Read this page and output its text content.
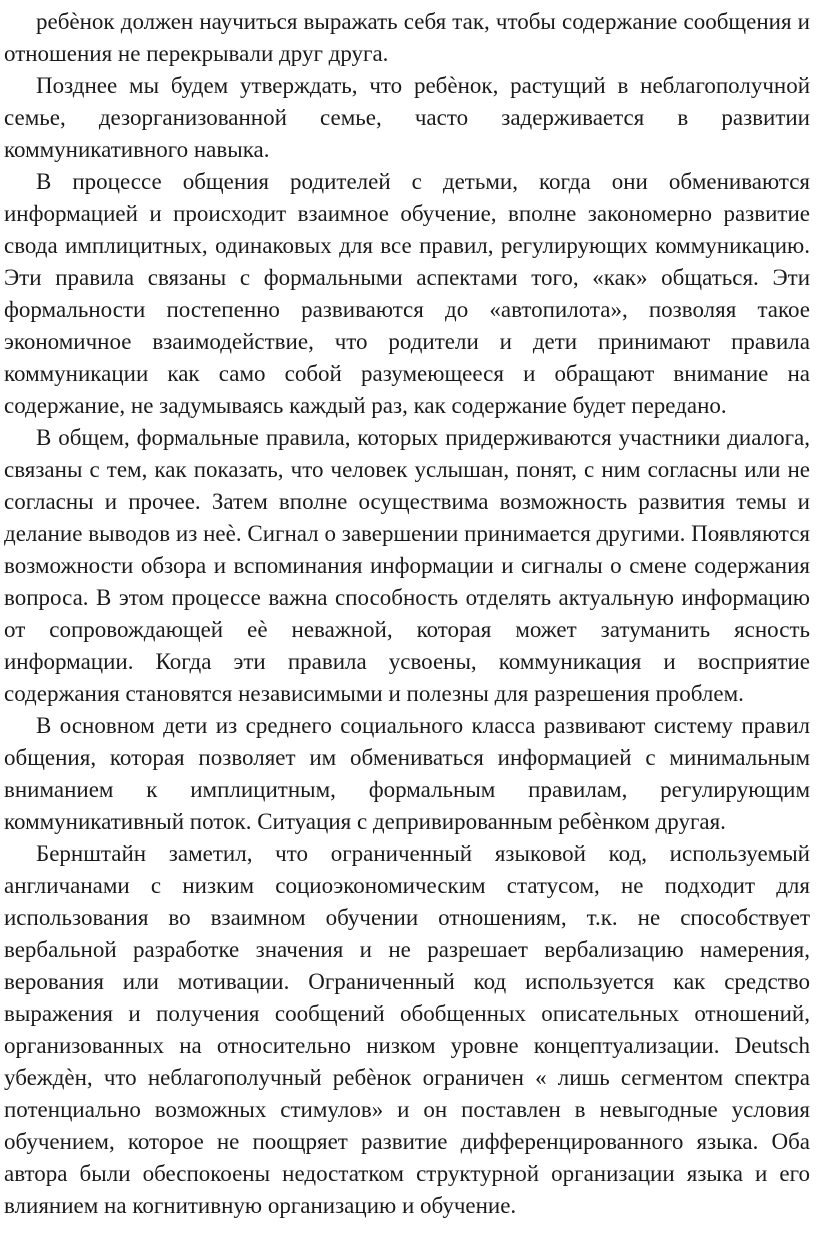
ребѐнок должен научиться выражать себя так, чтобы содержание сообщения и отношения не перекрывали друг друга.

Позднее мы будем утверждать, что ребѐнок, растущий в неблагополучной семье, дезорганизованной семье, часто задерживается в развитии коммуникативного навыка.

В процессе общения родителей с детьми, когда они обмениваются информацией и происходит взаимное обучение, вполне закономерно развитие свода имплицитных, одинаковых для все правил, регулирующих коммуникацию. Эти правила связаны с формальными аспектами того, «как» общаться. Эти формальности постепенно развиваются до «автопилота», позволяя такое экономичное взаимодействие, что родители и дети принимают правила коммуникации как само собой разумеющееся и обращают внимание на содержание, не задумываясь каждый раз, как содержание будет передано.

В общем, формальные правила, которых придерживаются участники диалога, связаны с тем, как показать, что человек услышан, понят, с ним согласны или не согласны и прочее. Затем вполне осуществима возможность развития темы и делание выводов из неѐ. Сигнал о завершении принимается другими. Появляются возможности обзора и вспоминания информации и сигналы о смене содержания вопроса. В этом процессе важна способность отделять актуальную информацию от сопровождающей еѐ неважной, которая может затуманить ясность информации. Когда эти правила усвоены, коммуникация и восприятие содержания становятся независимыми и полезны для разрешения проблем.

В основном дети из среднего социального класса развивают систему правил общения, которая позволяет им обмениваться информацией с минимальным вниманием к имплицитным, формальным правилам, регулирующим коммуникативный поток. Ситуация с депривированным ребѐнком другая.

Бернштайн заметил, что ограниченный языковой код, используемый англичанами с низким социоэкономическим статусом, не подходит для использования во взаимном обучении отношениям, т.к. не способствует вербальной разработке значения и не разрешает вербализацию намерения, верования или мотивации. Ограниченный код используется как средство выражения и получения сообщений обобщенных описательных отношений, организованных на относительно низком уровне концептуализации. Deutsch убеждѐн, что неблагополучный ребѐнок ограничен « лишь сегментом спектра потенциально возможных стимулов» и он поставлен в невыгодные условия обучением, которое не поощряет развитие дифференцированного языка. Оба автора были обеспокоены недостатком структурной организации языка и его влиянием на когнитивную организацию и обучение.
